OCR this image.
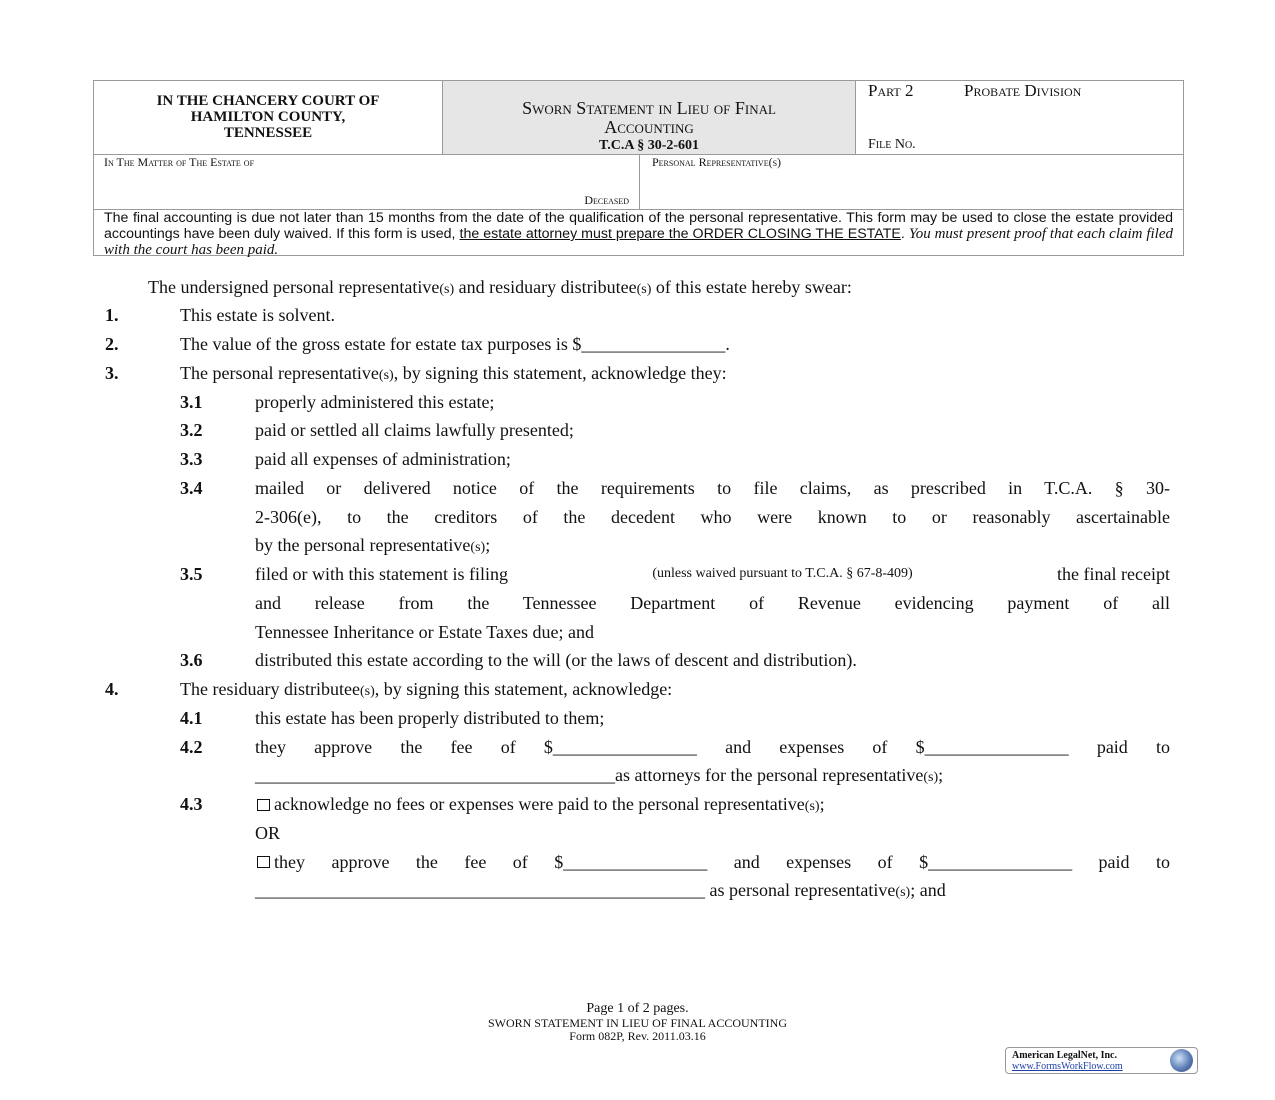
IN THE CHANCERY COURT OF
HAMILTON COUNTY,
TENNESSEE
Sworn Statement in Lieu of Final
Accounting
T.C.A § 30-2-601
Part 2	Probate Division
File No.
In The Matter of The Estate of
Deceased
Personal Representative(s)
The final accounting is due not later than 15 months from the date of the qualification of the personal representative. This form may be used to close the estate provided accountings have been duly waived. If this form is used, the estate attorney must prepare the ORDER CLOSING THE ESTATE. You must present proof that each claim filed with the court has been paid.
The undersigned personal representative(s) and residuary distributee(s) of this estate hereby swear:
1.	This estate is solvent.
2.	The value of the gross estate for estate tax purposes is $________________.
3.	The personal representative(s), by signing this statement, acknowledge they:
3.1	properly administered this estate;
3.2	paid or settled all claims lawfully presented;
3.3	paid all expenses of administration;
3.4	mailed or delivered notice of the requirements to file claims, as prescribed in T.C.A. § 30-
2-306(e), to the creditors of the decedent who were known to or reasonably ascertainable
by the personal representative(s);
3.5	filed or with this statement is filing	(unless waived pursuant to T.C.A. § 67-8-409)	the final receipt
and release from the Tennessee Department of Revenue evidencing payment of all
Tennessee Inheritance or Estate Taxes due; and
3.6	distributed this estate according to the will (or the laws of descent and distribution).
4.	The residuary distributee(s), by signing this statement, acknowledge:
4.1	this estate has been properly distributed to them;
4.2	they approve the fee of $________________ and expenses of $________________ paid to
________________________________________as attorneys for the personal representative(s);
4.3	acknowledge no fees or expenses were paid to the personal representative(s);
OR
they approve the fee of $________________ and expenses of $________________ paid to
__________________________________________________ as personal representative(s); and
Page 1 of 2 pages.
SWORN STATEMENT IN LIEU OF FINAL ACCOUNTING
Form 082P, Rev. 2011.03.16
American LegalNet, Inc.
www.FormsWorkFlow.com
